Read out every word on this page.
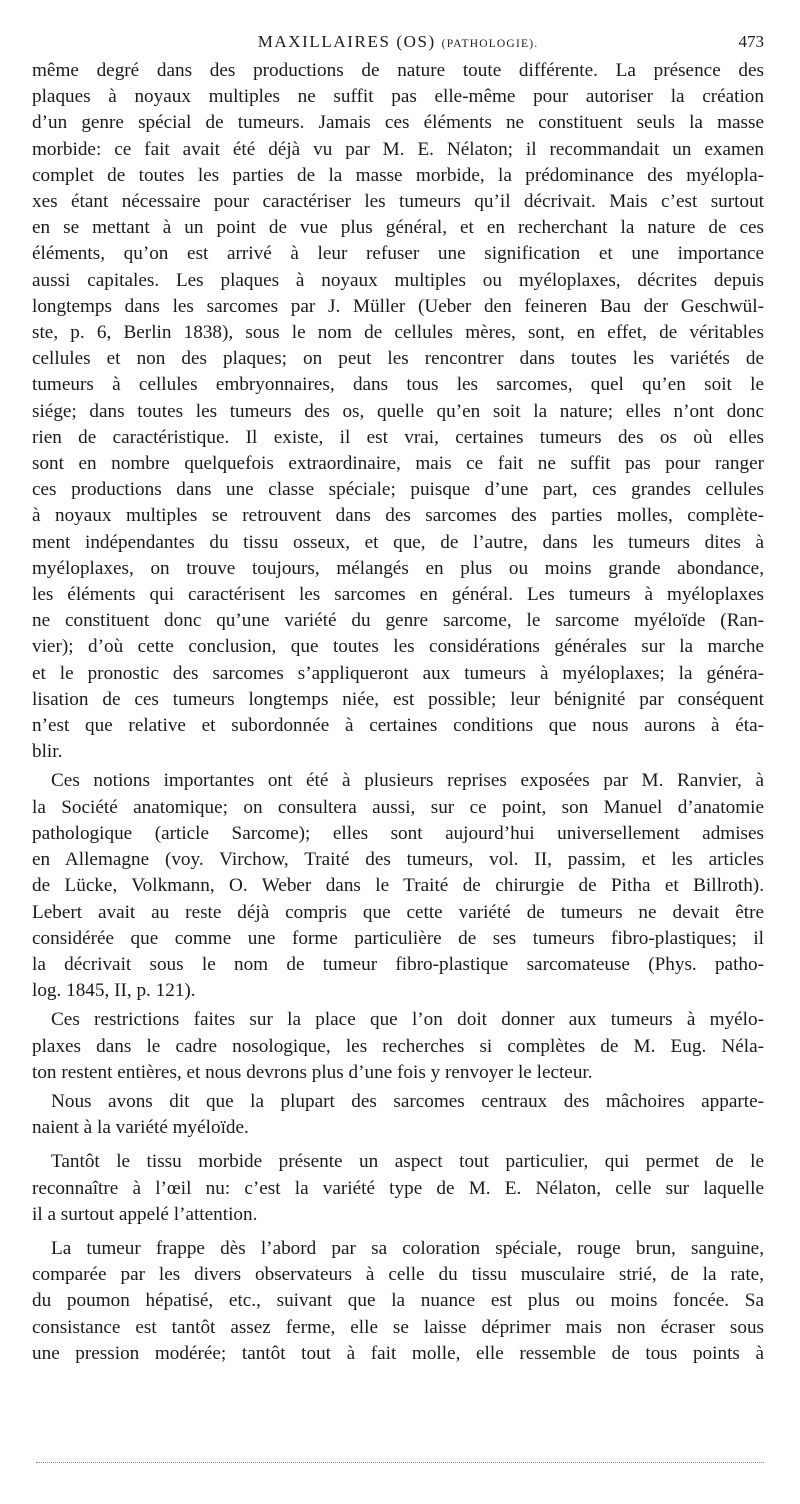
MAXILLAIRES (OS) (PATHOLOGIE).	473

même degré dans des productions de nature toute différente. La présence des
plaques à noyaux multiples ne suffit pas elle-même pour autoriser la création
d’un genre spécial de tumeurs. Jamais ces éléments ne constituent seuls la masse
morbide: ce fait avait été déjà vu par M. E. Nélaton; il recommandait un examen
complet de toutes les parties de la masse morbide, la prédominance des myélopla-
xes étant nécessaire pour caractériser les tumeurs qu’il décrivait. Mais c’est surtout
en se mettant à un point de vue plus général, et en recherchant la nature de ces
éléments, qu’on est arrivé à leur refuser une signification et une importance
aussi capitales. Les plaques à noyaux multiples ou myéloplaxes, décrites depuis
longtemps dans les sarcomes par J. Müller (Ueber den feineren Bau der Geschwül-
ste, p. 6, Berlin 1838), sous le nom de cellules mères, sont, en effet, de véritables
cellules et non des plaques; on peut les rencontrer dans toutes les variétés de
tumeurs à cellules embryonnaires, dans tous les sarcomes, quel qu’en soit le
siége; dans toutes les tumeurs des os, quelle qu’en soit la nature; elles n’ont donc
rien de caractéristique. Il existe, il est vrai, certaines tumeurs des os où elles
sont en nombre quelquefois extraordinaire, mais ce fait ne suffit pas pour ranger
ces productions dans une classe spéciale; puisque d’une part, ces grandes cellules
à noyaux multiples se retrouvent dans des sarcomes des parties molles, complète-
ment indépendantes du tissu osseux, et que, de l’autre, dans les tumeurs dites à
myéloplaxes, on trouve toujours, mélangés en plus ou moins grande abondance,
les éléments qui caractérisent les sarcomes en général. Les tumeurs à myéloplaxes
ne constituent donc qu’une variété du genre sarcome, le sarcome myéloïde (Ran-
vier); d’où cette conclusion, que toutes les considérations générales sur la marche
et le pronostic des sarcomes s’appliqueront aux tumeurs à myéloplaxes; la généra-
lisation de ces tumeurs longtemps niée, est possible; leur bénignité par conséquent
n’est que relative et subordonnée à certaines conditions que nous aurons à éta-
blir.

Ces notions importantes ont été à plusieurs reprises exposées par M. Ranvier, à
la Société anatomique; on consultera aussi, sur ce point, son Manuel d’anatomie
pathologique (article Sarcome); elles sont aujourd’hui universellement admises
en Allemagne (voy. Virchow, Traité des tumeurs, vol. II, passim, et les articles
de Lücke, Volkmann, O. Weber dans le Traité de chirurgie de Pitha et Billroth).
Lebert avait au reste déjà compris que cette variété de tumeurs ne devait être
considérée que comme une forme particulière de ses tumeurs fibro-plastiques; il
la décrivait sous le nom de tumeur fibro-plastique sarcomateuse (Phys. patho-
log. 1845, II, p. 121).

Ces restrictions faites sur la place que l’on doit donner aux tumeurs à myélo-
plaxes dans le cadre nosologique, les recherches si complètes de M. Eug. Néla-
ton restent entières, et nous devrons plus d’une fois y renvoyer le lecteur.

Nous avons dit que la plupart des sarcomes centraux des mâchoires apparte-
naient à la variété myéloïde.

Tantôt le tissu morbide présente un aspect tout particulier, qui permet de le
reconnaître à l’œil nu: c’est la variété type de M. E. Nélaton, celle sur laquelle
il a surtout appelé l’attention.

La tumeur frappe dès l’abord par sa coloration spéciale, rouge brun, sanguine,
comparée par les divers observateurs à celle du tissu musculaire strié, de la rate,
du poumon hépatisé, etc., suivant que la nuance est plus ou moins foncée. Sa
consistance est tantôt assez ferme, elle se laisse déprimer mais non écraser sous
une pression modérée; tantôt tout à fait molle, elle ressemble de tous points à
